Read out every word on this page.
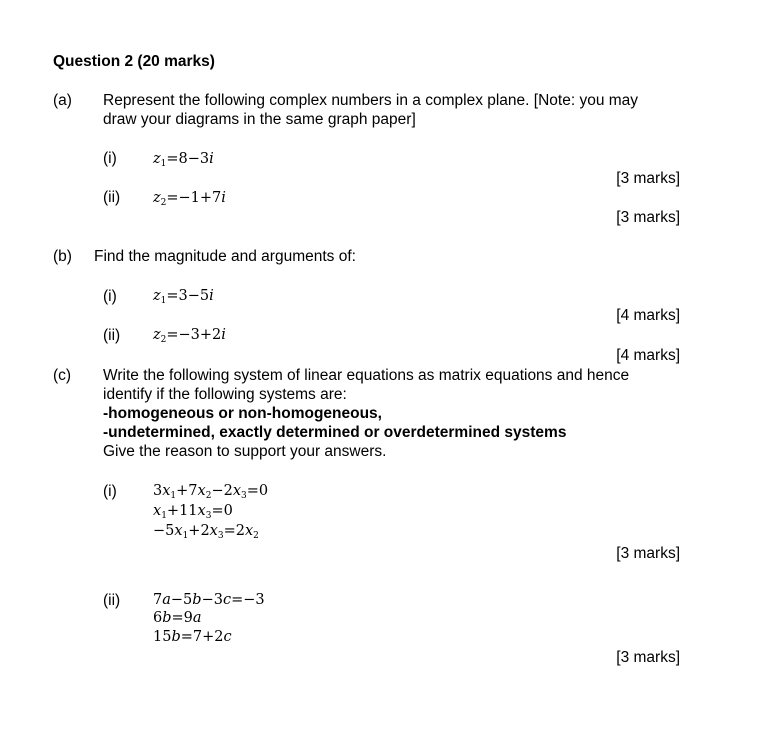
Question 2 (20 marks)
(a) Represent the following complex numbers in a complex plane. [Note: you may
draw your diagrams in the same graph paper]
(i) $z_1=8-3i$
[3 marks]
(ii) $z_2=-1+7i$
[3 marks]
(b) Find the magnitude and arguments of:
(i) $z_1=3-5i$
[4 marks]
(ii) $z_2=-3+2i$
[4 marks]
(c) Write the following system of linear equations as matrix equations and hence
identify if the following systems are:
-homogeneous or non-homogeneous,
-undetermined, exactly determined or overdetermined systems
Give the reason to support your answers.
(i) $3x_1+7x_2-2x_3=0$
$x_1+11x_3=0$
$-5x_1+2x_3=2x_2$
[3 marks]
(ii) 7a−5b−3c=−3
6b=9a
15b=7+2c
[3 marks]
